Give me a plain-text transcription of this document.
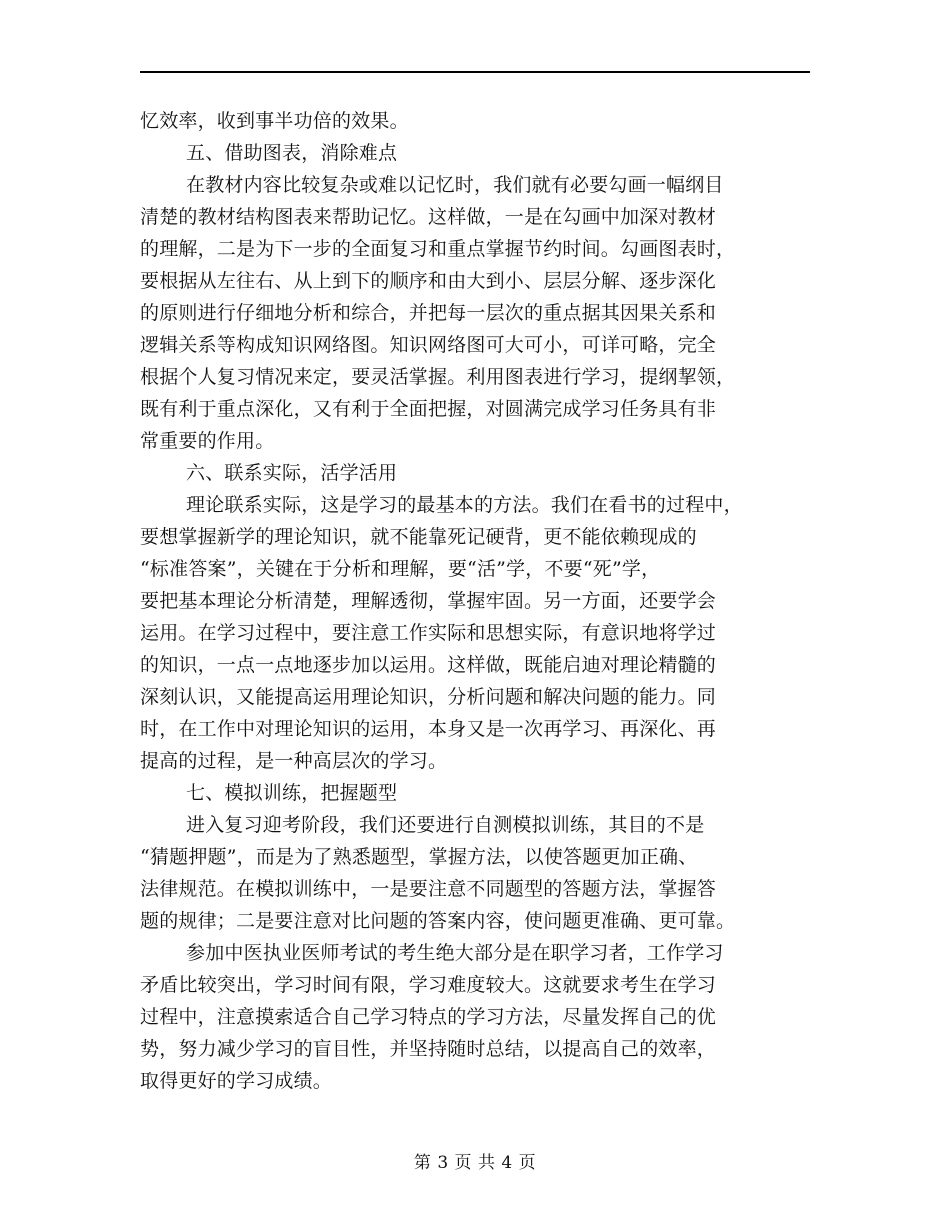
忆效率，收到事半功倍的效果。
五、借助图表，消除难点
在教材内容比较复杂或难以记忆时，我们就有必要勾画一幅纲目
清楚的教材结构图表来帮助记忆。这样做，一是在勾画中加深对教材
的理解，二是为下一步的全面复习和重点掌握节约时间。勾画图表时，
要根据从左往右、从上到下的顺序和由大到小、层层分解、逐步深化
的原则进行仔细地分析和综合，并把每一层次的重点据其因果关系和
逻辑关系等构成知识网络图。知识网络图可大可小，可详可略，完全
根据个人复习情况来定，要灵活掌握。利用图表进行学习，提纲挈领，
既有利于重点深化，又有利于全面把握，对圆满完成学习任务具有非
常重要的作用。
六、联系实际，活学活用
理论联系实际，这是学习的最基本的方法。我们在看书的过程中，
要想掌握新学的理论知识，就不能靠死记硬背，更不能依赖现成的
“标准答案”，关键在于分析和理解，要“活”学，不要“死”学，
要把基本理论分析清楚，理解透彻，掌握牢固。另一方面，还要学会
运用。在学习过程中，要注意工作实际和思想实际，有意识地将学过
的知识，一点一点地逐步加以运用。这样做，既能启迪对理论精髓的
深刻认识，又能提高运用理论知识，分析问题和解决问题的能力。同
时，在工作中对理论知识的运用，本身又是一次再学习、再深化、再
提高的过程，是一种高层次的学习。
七、模拟训练，把握题型
进入复习迎考阶段，我们还要进行自测模拟训练，其目的不是
“猜题押题”，而是为了熟悉题型，掌握方法，以使答题更加正确、
法律规范。在模拟训练中，一是要注意不同题型的答题方法，掌握答
题的规律；二是要注意对比问题的答案内容，使问题更准确、更可靠。
参加中医执业医师考试的考生绝大部分是在职学习者，工作学习
矛盾比较突出，学习时间有限，学习难度较大。这就要求考生在学习
过程中，注意摸索适合自己学习特点的学习方法，尽量发挥自己的优
势，努力减少学习的盲目性，并坚持随时总结，以提高自己的效率，
取得更好的学习成绩。
第 3 页 共 4 页
